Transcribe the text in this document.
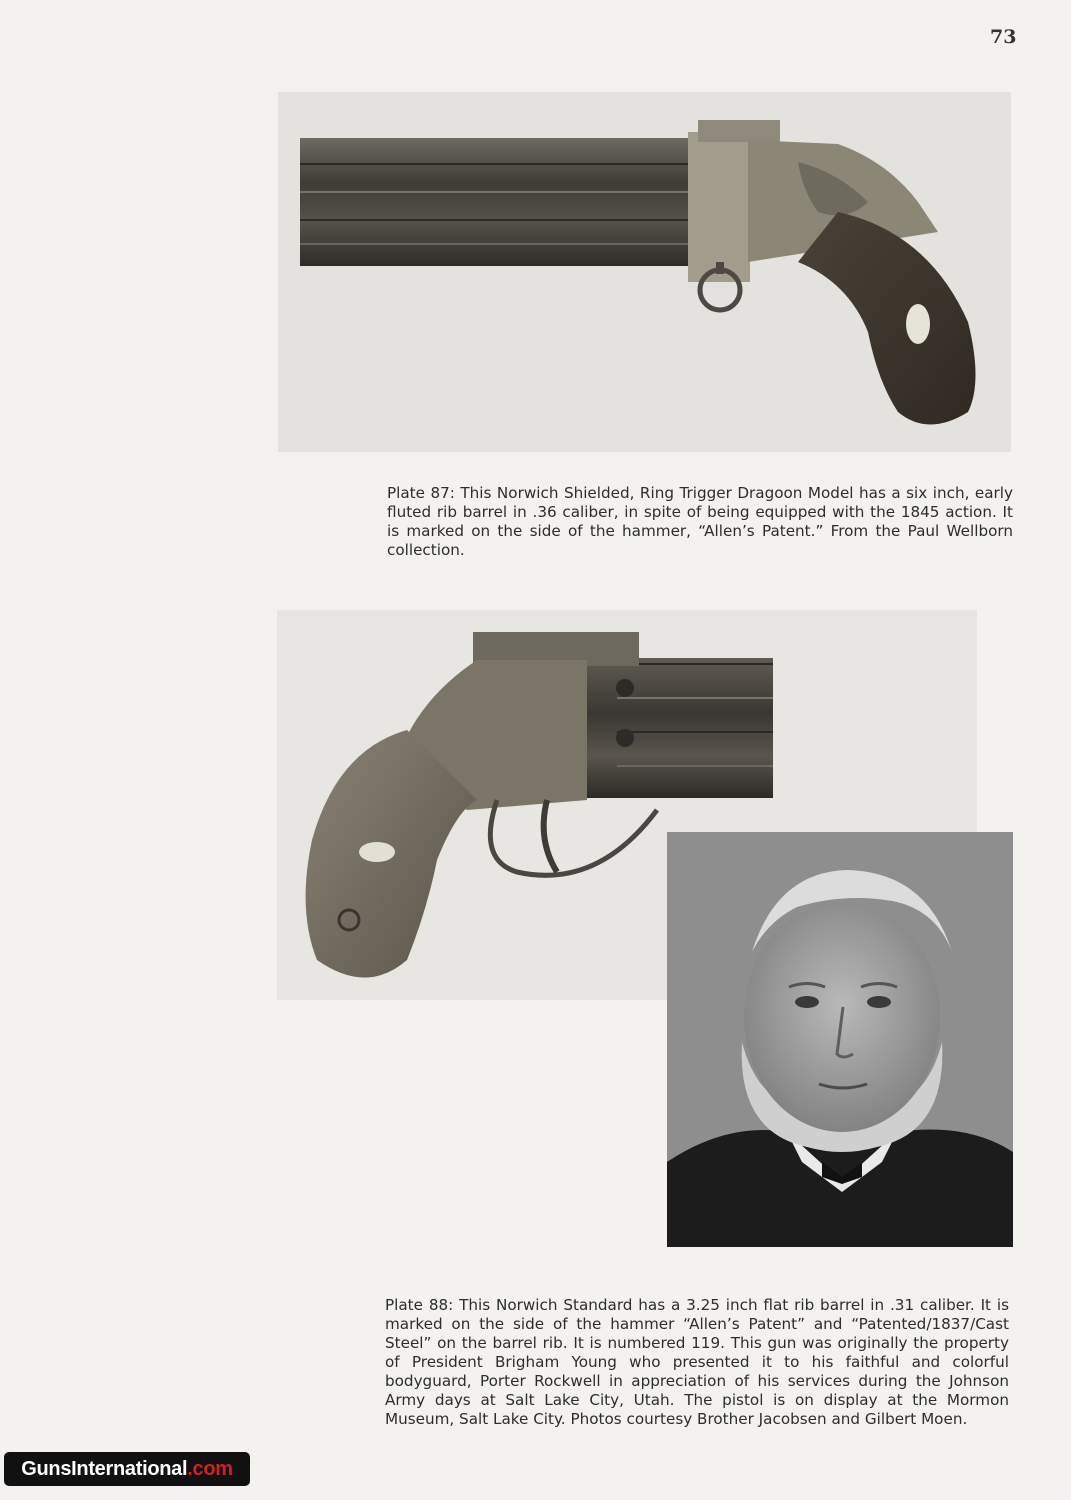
73

Plate 87: This Norwich Shielded, Ring Trigger Dragoon Model has a six inch, early fluted rib barrel in .36 caliber, in spite of being equipped with the 1845 action. It is marked on the side of the hammer, “Allen’s Patent.” From the Paul Wellborn collection.

Plate 88: This Norwich Standard has a 3.25 inch flat rib barrel in .31 caliber. It is marked on the side of the hammer “Allen’s Patent” and “Patented/1837/Cast Steel” on the barrel rib. It is numbered 119. This gun was originally the property of President Brigham Young who presented it to his faithful and colorful bodyguard, Porter Rockwell in appreciation of his services during the Johnson Army days at Salt Lake City, Utah. The pistol is on display at the Mormon Museum, Salt Lake City. Photos courtesy Brother Jacobsen and Gilbert Moen.

GunsInternational .com
